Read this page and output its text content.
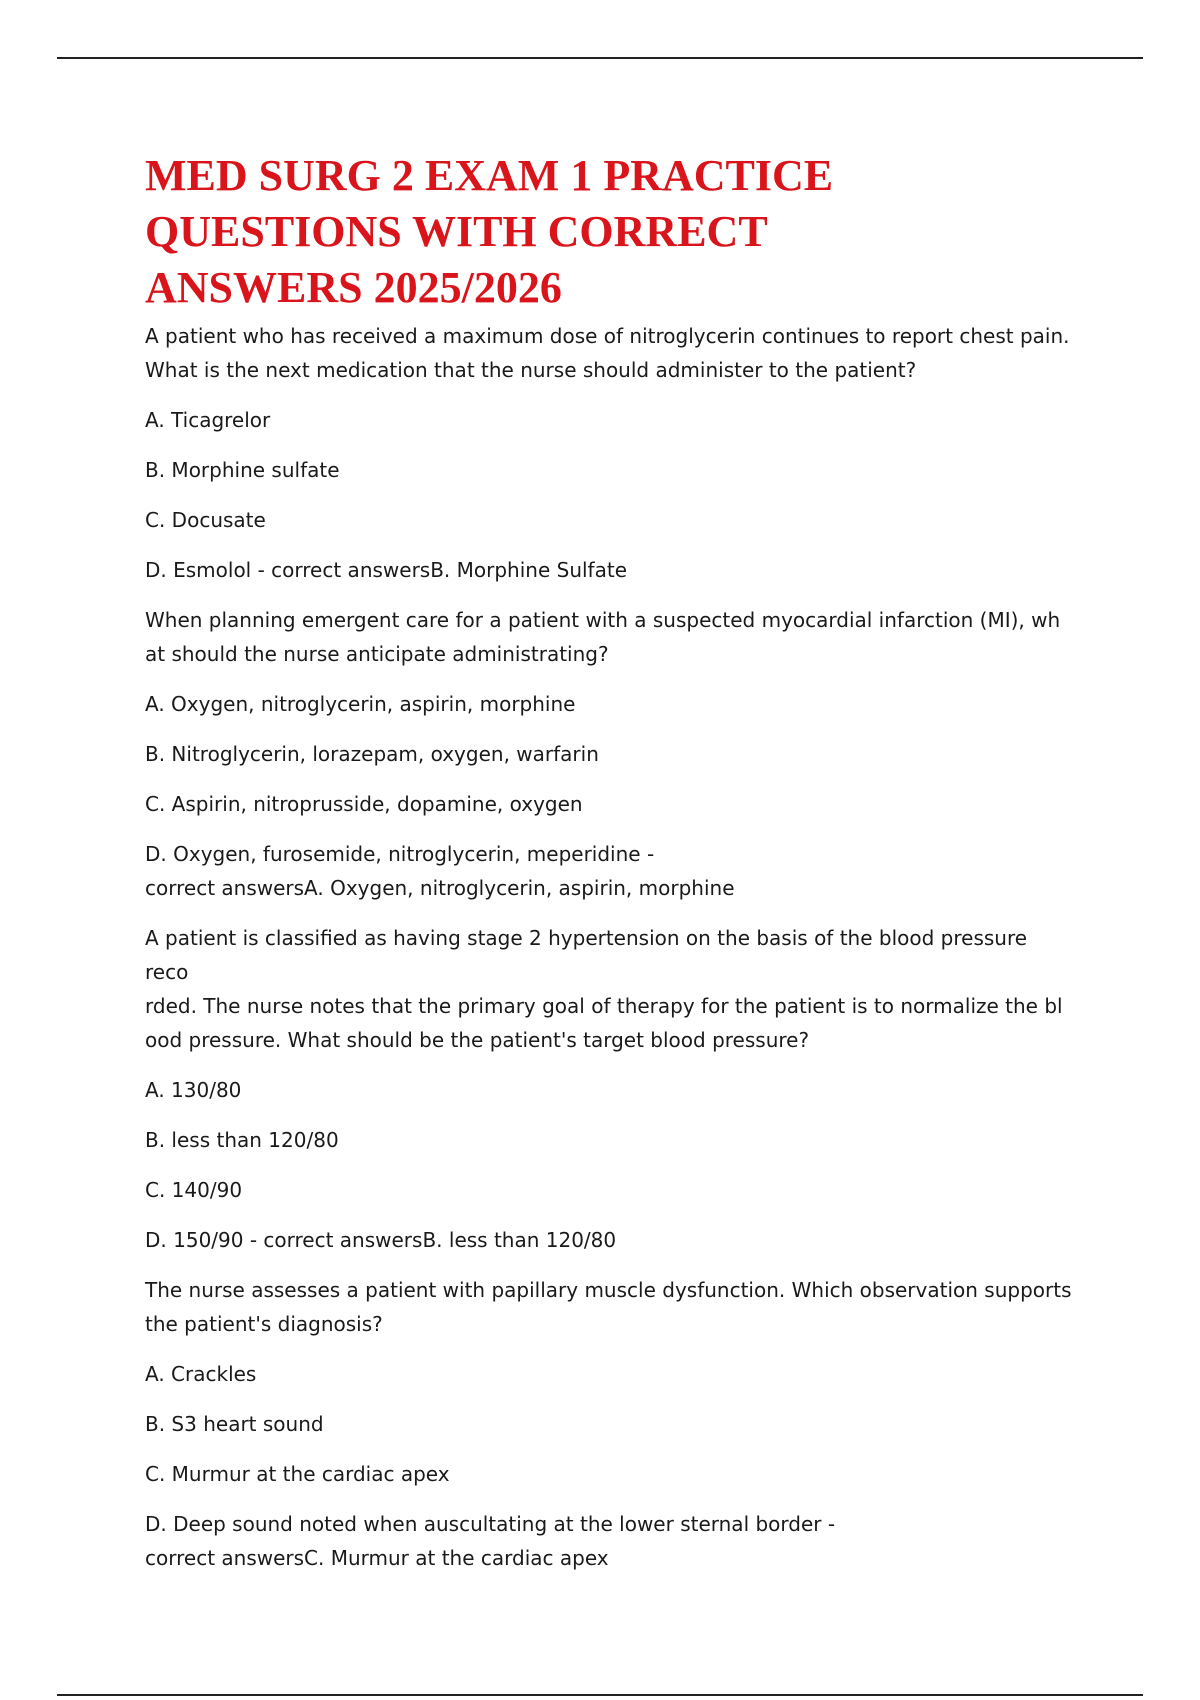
MED SURG 2 EXAM 1 PRACTICE QUESTIONS WITH CORRECT ANSWERS 2025/2026

A patient who has received a maximum dose of nitroglycerin continues to report chest pain.
What is the next medication that the nurse should administer to the patient?

A. Ticagrelor

B. Morphine sulfate

C. Docusate

D. Esmolol - correct answersB. Morphine Sulfate

When planning emergent care for a patient with a suspected myocardial infarction (MI), wh
at should the nurse anticipate administrating?

A. Oxygen, nitroglycerin, aspirin, morphine

B. Nitroglycerin, lorazepam, oxygen, warfarin

C. Aspirin, nitroprusside, dopamine, oxygen

D. Oxygen, furosemide, nitroglycerin, meperidine -
correct answersA. Oxygen, nitroglycerin, aspirin, morphine

A patient is classified as having stage 2 hypertension on the basis of the blood pressure reco
rded. The nurse notes that the primary goal of therapy for the patient is to normalize the bl
ood pressure. What should be the patient's target blood pressure?

A. 130/80

B. less than 120/80

C. 140/90

D. 150/90 - correct answersB. less than 120/80

The nurse assesses a patient with papillary muscle dysfunction. Which observation supports
the patient's diagnosis?

A. Crackles

B. S3 heart sound

C. Murmur at the cardiac apex

D. Deep sound noted when auscultating at the lower sternal border -
correct answersC. Murmur at the cardiac apex
